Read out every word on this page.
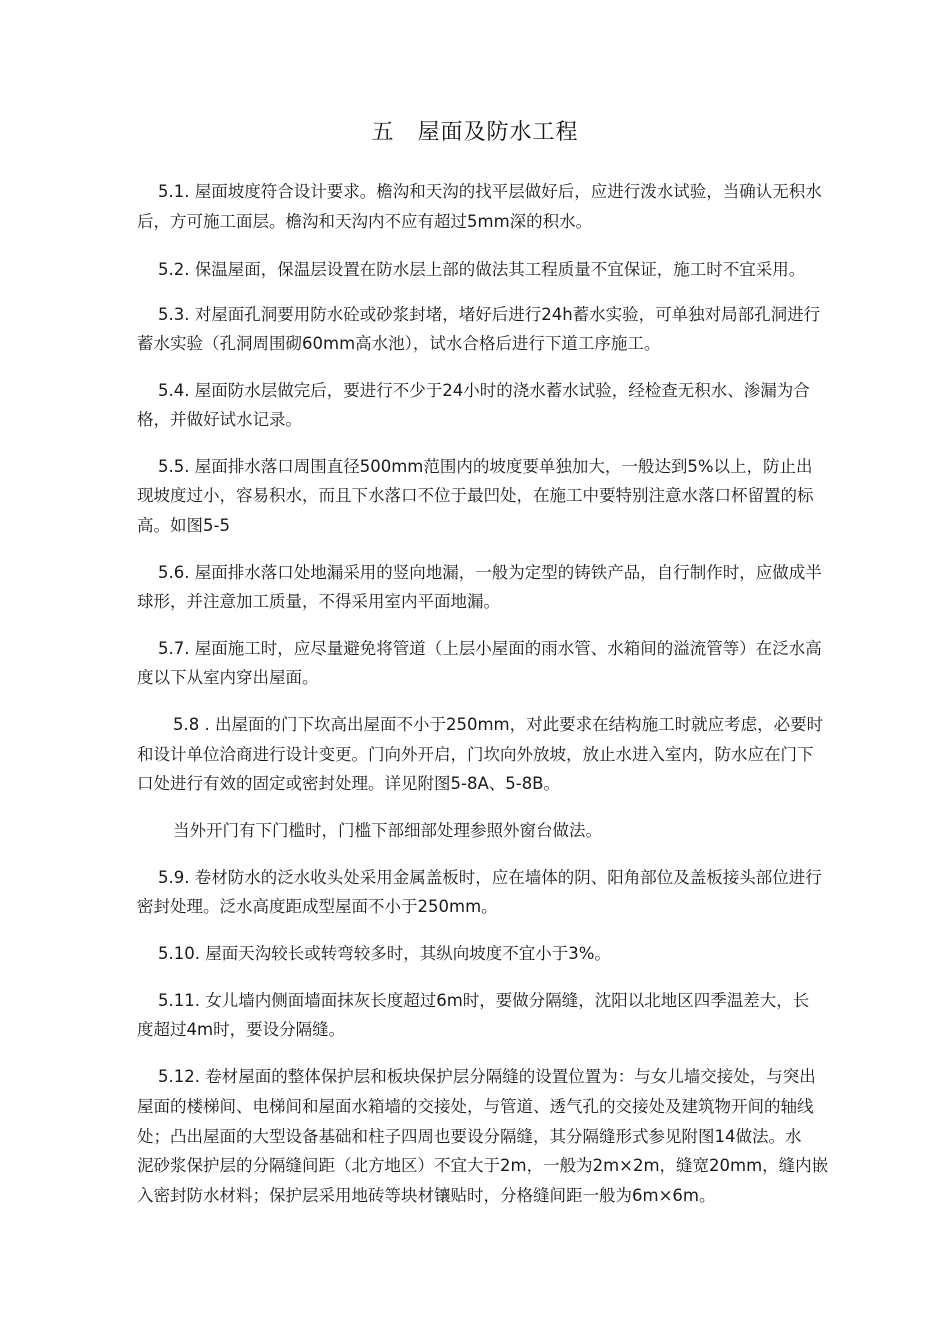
五　屋面及防水工程
5.1. 屋面坡度符合设计要求。檐沟和天沟的找平层做好后，应进行泼水试验，当确认无积水
后，方可施工面层。檐沟和天沟内不应有超过5mm深的积水。
5.2. 保温屋面，保温层设置在防水层上部的做法其工程质量不宜保证，施工时不宜采用。
5.3. 对屋面孔洞要用防水砼或砂浆封堵，堵好后进行24h蓄水实验，可单独对局部孔洞进行
蓄水实验（孔洞周围砌60mm高水池），试水合格后进行下道工序施工。
5.4. 屋面防水层做完后，要进行不少于24小时的浇水蓄水试验，经检查无积水、渗漏为合
格，并做好试水记录。
5.5. 屋面排水落口周围直径500mm范围内的坡度要单独加大，一般达到5%以上，防止出
现坡度过小，容易积水，而且下水落口不位于最凹处，在施工中要特别注意水落口杯留置的标
高。如图5-5
5.6. 屋面排水落口处地漏采用的竖向地漏，一般为定型的铸铁产品，自行制作时，应做成半
球形，并注意加工质量，不得采用室内平面地漏。
5.7. 屋面施工时，应尽量避免将管道（上层小屋面的雨水管、水箱间的溢流管等）在泛水高
度以下从室内穿出屋面。
5.8 . 出屋面的门下坎高出屋面不小于250mm，对此要求在结构施工时就应考虑，必要时
和设计单位洽商进行设计变更。门向外开启，门坎向外放坡，放止水进入室内，防水应在门下
口处进行有效的固定或密封处理。详见附图5-8A、5-8B。
当外开门有下门槛时，门槛下部细部处理参照外窗台做法。
5.9. 卷材防水的泛水收头处采用金属盖板时，应在墙体的阴、阳角部位及盖板接头部位进行
密封处理。泛水高度距成型屋面不小于250mm。
5.10. 屋面天沟较长或转弯较多时，其纵向坡度不宜小于3%。
5.11. 女儿墙内侧面墙面抹灰长度超过6m时，要做分隔缝，沈阳以北地区四季温差大，长
度超过4m时，要设分隔缝。
5.12. 卷材屋面的整体保护层和板块保护层分隔缝的设置位置为：与女儿墙交接处，与突出
屋面的楼梯间、电梯间和屋面水箱墙的交接处，与管道、透气孔的交接处及建筑物开间的轴线
处；凸出屋面的大型设备基础和柱子四周也要设分隔缝，其分隔缝形式参见附图14做法。水
泥砂浆保护层的分隔缝间距（北方地区）不宜大于2m，一般为2m×2m，缝宽20mm，缝内嵌
入密封防水材料；保护层采用地砖等块材镶贴时，分格缝间距一般为6m×6m。
